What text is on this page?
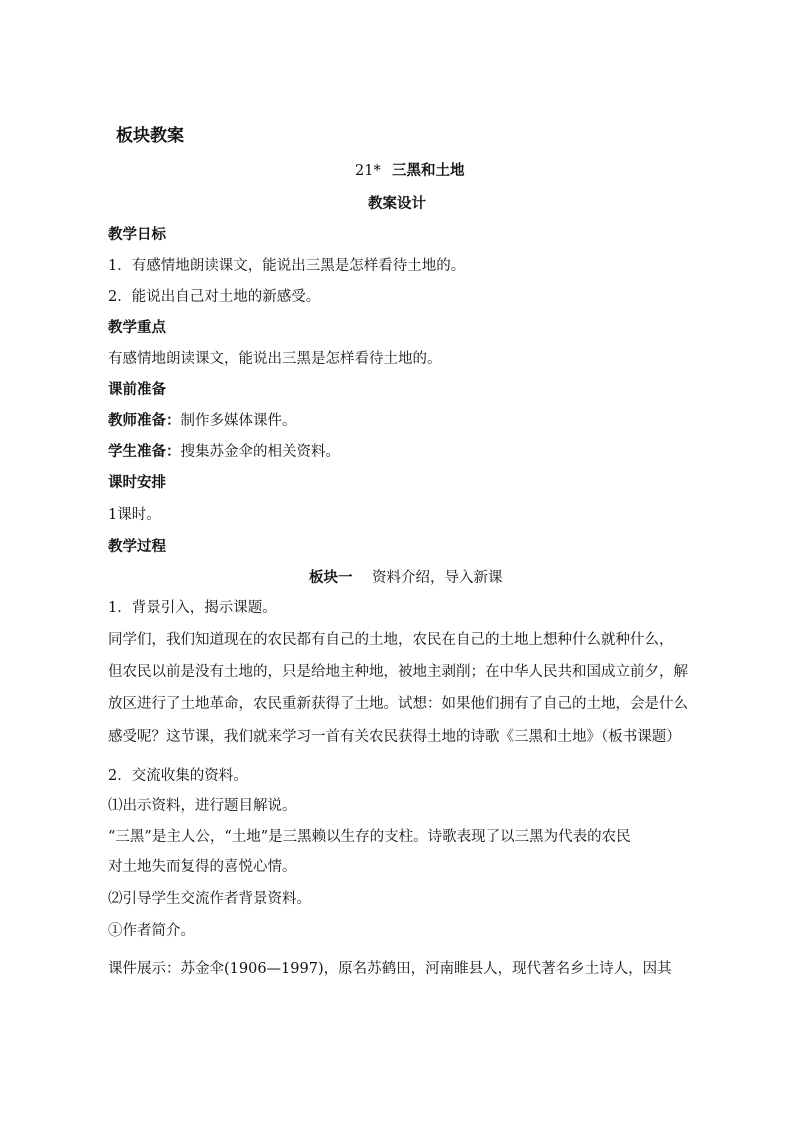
板块教案
21* 三黑和土地
教案设计
教学日标
1．有感情地朗读课文，能说出三黑是怎样看待土地的。
2．能说出自己对土地的新感受。
教学重点
有感情地朗读课文，能说出三黑是怎样看待土地的。
课前准备
教师准备：制作多媒体课件。
学生准备：搜集苏金伞的相关资料。
课时安排
1课时。
教学过程
板块一 资料介绍，导入新课
1．背景引入，揭示课题。
同学们，我们知道现在的农民都有自己的土地，农民在自己的土地上想种什么就种什么，
但农民以前是没有土地的，只是给地主种地，被地主剥削；在中华人民共和国成立前夕，解
放区进行了土地革命，农民重新获得了土地。试想：如果他们拥有了自己的土地，会是什么
感受呢？这节课，我们就来学习一首有关农民获得土地的诗歌《三黑和土地》（板书课题）
2．交流收集的资料。
⑴出示资料，进行题目解说。
“三黑”是主人公，“土地”是三黑赖以生存的支柱。诗歌表现了以三黑为代表的农民
对土地失而复得的喜悦心情。
⑵引导学生交流作者背景资料。
①作者简介。
课件展示：苏金伞(1906—1997)，原名苏鹤田，河南睢县人，现代著名乡土诗人，因其
